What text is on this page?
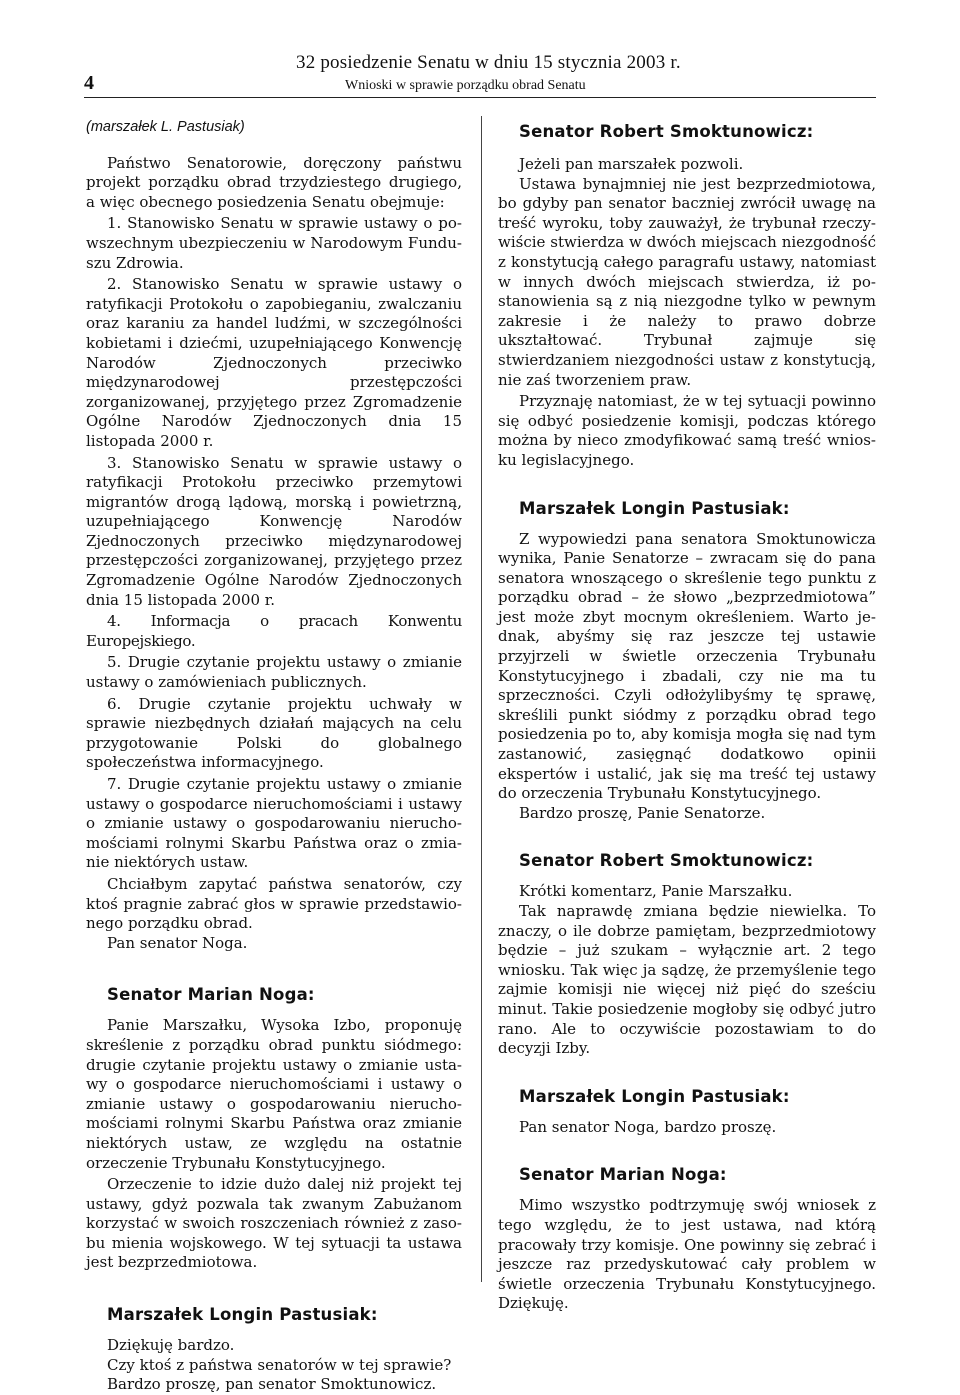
4
32 posiedzenie Senatu w dniu 15 stycznia 2003 r.
Wnioski w sprawie porządku obrad Senatu

(marszałek L. Pastusiak)

Państwo Senatorowie, doręczony państwu projekt porządku obrad trzydziestego drugiego, a więc obecnego posiedzenia Senatu obejmuje:

1. Stanowisko Senatu w sprawie ustawy o powszechnym ubezpieczeniu w Narodowym Funduszu Zdrowia.

2. Stanowisko Senatu w sprawie ustawy o ratyfikacji Protokołu o zapobieganiu, zwalczaniu oraz karaniu za handel ludźmi, w szczególności kobietami i dziećmi, uzupełniającego Konwencję Narodów Zjednoczonych przeciwko międzynarodowej przestępczości zorganizowanej, przyjętego przez Zgromadzenie Ogólne Narodów Zjednoczonych dnia 15 listopada 2000 r.

3. Stanowisko Senatu w sprawie ustawy o ratyfikacji Protokołu przeciwko przemytowi migrantów drogą lądową, morską i powietrzną, uzupełniającego Konwencję Narodów Zjednoczonych przeciwko międzynarodowej przestępczości zorganizowanej, przyjętego przez Zgromadzenie Ogólne Narodów Zjednoczonych dnia 15 listopada 2000 r.

4. Informacja o pracach Konwentu Europejskiego.

5. Drugie czytanie projektu ustawy o zmianie ustawy o zamówieniach publicznych.

6. Drugie czytanie projektu uchwały w sprawie niezbędnych działań mających na celu przygotowanie Polski do globalnego społeczeństwa informacyjnego.

7. Drugie czytanie projektu ustawy o zmianie ustawy o gospodarce nieruchomościami i ustawy o zmianie ustawy o gospodarowaniu nieruchomościami rolnymi Skarbu Państwa oraz o zmianie niektórych ustaw.

Chciałbym zapytać państwa senatorów, czy ktoś pragnie zabrać głos w sprawie przedstawionego porządku obrad.

Pan senator Noga.

Senator Marian Noga:

Panie Marszałku, Wysoka Izbo, proponuję skreślenie z porządku obrad punktu siódmego: drugie czytanie projektu ustawy o zmianie ustawy o gospodarce nieruchomościami i ustawy o zmianie ustawy o gospodarowaniu nieruchomościami rolnymi Skarbu Państwa oraz zmianie niektórych ustaw, ze względu na ostatnie orzeczenie Trybunału Konstytucyjnego.

Orzeczenie to idzie dużo dalej niż projekt tej ustawy, gdyż pozwala tak zwanym Zabużanom korzystać w swoich roszczeniach również z zasobu mienia wojskowego. W tej sytuacji ta ustawa jest bezprzedmiotowa.

Marszałek Longin Pastusiak:

Dziękuję bardzo.

Czy ktoś z państwa senatorów w tej sprawie?

Bardzo proszę, pan senator Smoktunowicz.

Senator Robert Smoktunowicz:

Jeżeli pan marszałek pozwoli.

Ustawa bynajmniej nie jest bezprzedmiotowa, bo gdyby pan senator baczniej zwrócił uwagę na treść wyroku, toby zauważył, że trybunał rzeczywiście stwierdza w dwóch miejscach niezgodność z konstytucją całego paragrafu ustawy, natomiast w innych dwóch miejscach stwierdza, iż postanowienia są z nią niezgodne tylko w pewnym zakresie i że należy to prawo dobrze ukształtować. Trybunał zajmuje się stwierdzaniem niezgodności ustaw z konstytucją, nie zaś tworzeniem praw.

Przyznaję natomiast, że w tej sytuacji powinno się odbyć posiedzenie komisji, podczas którego można by nieco zmodyfikować samą treść wniosku legislacyjnego.

Marszałek Longin Pastusiak:

Z wypowiedzi pana senatora Smoktunowicza wynika, Panie Senatorze – zwracam się do pana senatora wnoszącego o skreślenie tego punktu z porządku obrad – że słowo „bezprzedmiotowa” jest może zbyt mocnym określeniem. Warto jednak, abyśmy się raz jeszcze tej ustawie przyjrzeli w świetle orzeczenia Trybunału Konstytucyjnego i zbadali, czy nie ma tu sprzeczności. Czyli odłożylibyśmy tę sprawę, skreślili punkt siódmy z porządku obrad tego posiedzenia po to, aby komisja mogła się nad tym zastanowić, zasięgnąć dodatkowo opinii ekspertów i ustalić, jak się ma treść tej ustawy do orzeczenia Trybunału Konstytucyjnego.

Bardzo proszę, Panie Senatorze.

Senator Robert Smoktunowicz:

Krótki komentarz, Panie Marszałku.

Tak naprawdę zmiana będzie niewielka. To znaczy, o ile dobrze pamiętam, bezprzedmiotowy będzie – już szukam – wyłącznie art. 2 tego wniosku. Tak więc ja sądzę, że przemyślenie tego zajmie komisji nie więcej niż pięć do sześciu minut. Takie posiedzenie mogłoby się odbyć jutro rano. Ale to oczywiście pozostawiam to do decyzji Izby.

Marszałek Longin Pastusiak:

Pan senator Noga, bardzo proszę.

Senator Marian Noga:

Mimo wszystko podtrzymuję swój wniosek z tego względu, że to jest ustawa, nad którą pracowały trzy komisje. One powinny się zebrać i jeszcze raz przedyskutować cały problem w świetle orzeczenia Trybunału Konstytucyjnego. Dziękuję.
